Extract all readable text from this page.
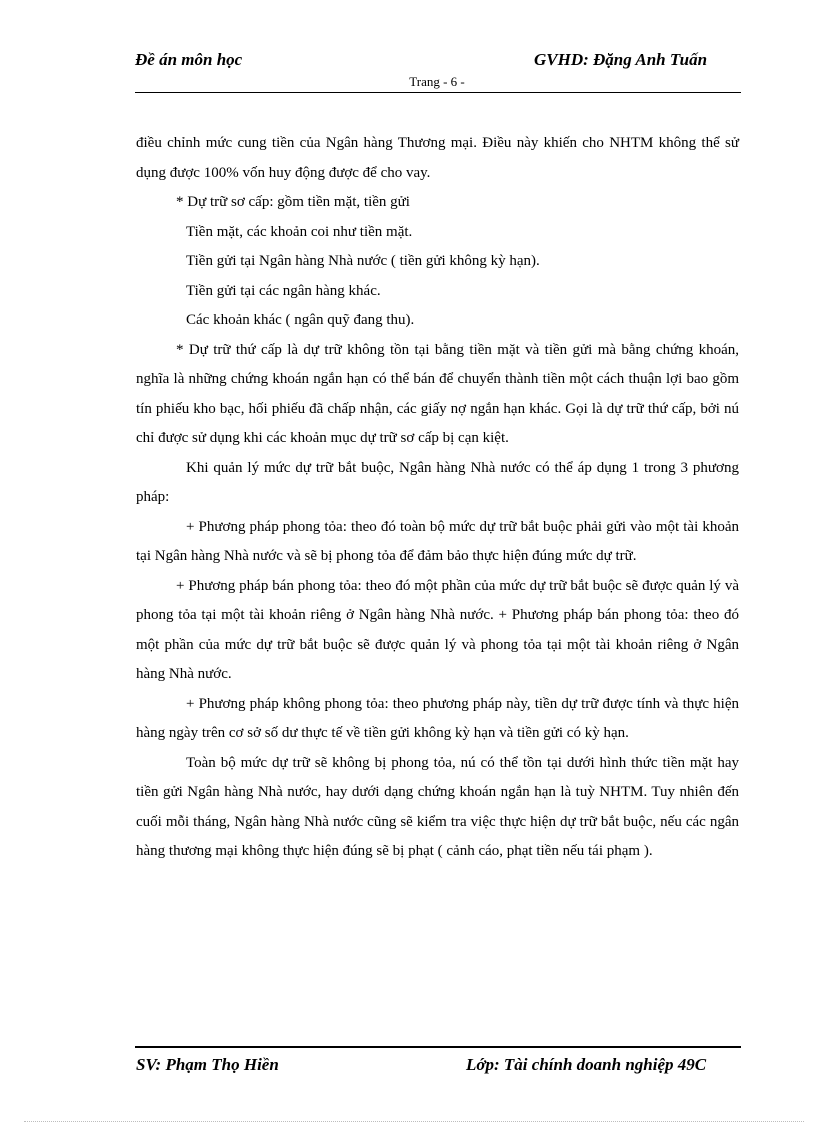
Đề án môn học	GVHD: Đặng Anh Tuấn
Trang - 6 -

điều chỉnh mức cung tiền của Ngân hàng Thương mại. Điều này khiến cho NHTM không thể sử dụng được 100% vốn huy động được để cho vay.

* Dự trữ sơ cấp: gồm tiền mặt, tiền gửi

Tiền mặt, các khoản coi như tiền mặt.

Tiền gửi tại Ngân hàng Nhà nước ( tiền gửi không kỳ hạn).

Tiền gửi tại các ngân hàng khác.

Các khoản khác ( ngân quỹ đang thu).

* Dự trữ thứ cấp là dự trữ không tồn tại bằng tiền mặt và tiền gửi mà bằng chứng khoán, nghĩa là những chứng khoán ngắn hạn có thể bán để chuyển thành tiền một cách thuận lợi bao gồm tín phiếu kho bạc, hối phiếu đã chấp nhận, các giấy nợ ngắn hạn khác. Gọi là dự trữ thứ cấp, bởi nú chỉ được sử dụng khi các khoản mục dự trữ sơ cấp bị cạn kiệt.

Khi quản lý mức dự trữ bắt buộc, Ngân hàng Nhà nước có thể áp dụng 1 trong 3 phương pháp:

+ Phương pháp phong tỏa: theo đó toàn bộ mức dự trữ bắt buộc phải gửi vào một tài khoản tại Ngân hàng Nhà nước và sẽ bị phong tỏa để đảm bảo thực hiện đúng mức dự trữ.

+ Phương pháp bán phong tỏa: theo đó một phần của mức dự trữ bắt buộc sẽ được quản lý và phong tỏa tại một tài khoản riêng ở Ngân hàng Nhà nước. + Phương pháp bán phong tỏa: theo đó một phần của mức dự trữ bắt buộc sẽ được quản lý và phong tỏa tại một tài khoản riêng ở Ngân hàng Nhà nước.

+ Phương pháp không phong tỏa: theo phương pháp này, tiền dự trữ được tính và thực hiện hàng ngày trên cơ sở số dư thực tế về tiền gửi không kỳ hạn và tiền gửi có kỳ hạn.

Toàn bộ mức dự trữ sẽ không bị phong tỏa, nú có thể tồn tại dưới hình thức tiền mặt hay tiền gửi Ngân hàng Nhà nước, hay dưới dạng chứng khoán ngắn hạn là tuỳ NHTM. Tuy nhiên đến cuối mỗi tháng, Ngân hàng Nhà nước cũng sẽ kiểm tra việc thực hiện dự trữ bắt buộc, nếu các ngân hàng thương mại không thực hiện đúng sẽ bị phạt ( cảnh cáo, phạt tiền nếu tái phạm ).

SV: Phạm Thọ Hiền	Lớp: Tài chính doanh nghiệp 49C
